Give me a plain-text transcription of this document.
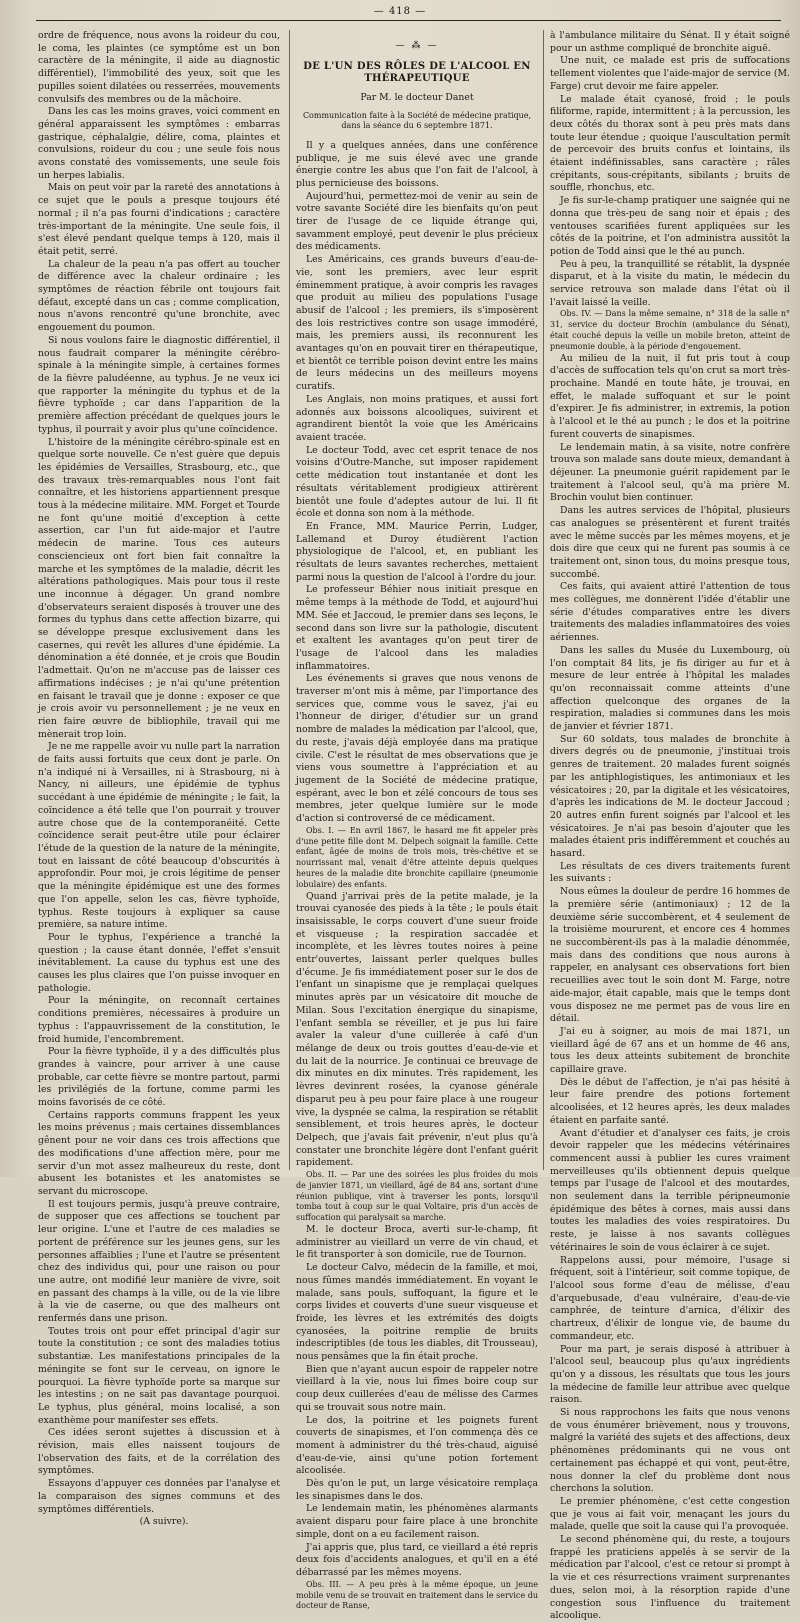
— 418 —

ordre de fréquence, nous avons la roideur du cou, le coma, les plaintes (ce symptôme est un bon caractère de la méningite, il aide au diagnostic différentiel), l'immobilité des yeux, soit que les pupilles soient dilatées ou resserrées, mouvements convulsifs des membres ou de la mâchoire.

Dans les cas les moins graves, voici comment en général apparaissent les symptômes : embarras gastrique, céphalalgie, délire, coma, plaintes et convulsions, roideur du cou ; une seule fois nous avons constaté des vomissements, une seule fois un herpes labialis.

Mais on peut voir par la rareté des annotations à ce sujet que le pouls a presque toujours été normal ; il n'a pas fourni d'indications ; caractère très-important de la méningite. Une seule fois, il s'est élevé pendant quelque temps à 120, mais il était petit, serré.

La chaleur de la peau n'a pas offert au toucher de différence avec la chaleur ordinaire ; les symptômes de réaction fébrile ont toujours fait défaut, excepté dans un cas ; comme complication, nous n'avons rencontré qu'une bronchite, avec engouement du poumon.

Si nous voulons faire le diagnostic différentiel, il nous faudrait comparer la méningite cérébro-spinale à la méningite simple, à certaines formes de la fièvre paludéenne, au typhus. Je ne veux ici que rapporter la méningite du typhus et de la fièvre typhoïde ; car dans l'apparition de la première affection précédant de quelques jours le typhus, il pourrait y avoir plus qu'une coïncidence.

L'histoire de la méningite cérébro-spinale est en quelque sorte nouvelle. Ce n'est guère que depuis les épidémies de Versailles, Strasbourg, etc., que des travaux très-remarquables nous l'ont fait connaître, et les historiens appartiennent presque tous à la médecine militaire. MM. Forget et Tourde ne font qu'une moitié d'exception à cette assertion, car l'un fut aide-major et l'autre médecin de marine. Tous ces auteurs consciencieux ont fort bien fait connaître la marche et les symptômes de la maladie, décrit les altérations pathologiques. Mais pour tous il reste une inconnue à dégager. Un grand nombre d'observateurs seraient disposés à trouver une des formes du typhus dans cette affection bizarre, qui se développe presque exclusivement dans les casernes, qui revêt les allures d'une épidémie. La dénomination a été donnée, et je crois que Boudin l'admettait. Qu'on ne m'accuse pas de laisser ces affirmations indécises ; je n'ai qu'une prétention en faisant le travail que je donne : exposer ce que je crois avoir vu personnellement ; je ne veux en rien faire œuvre de bibliophile, travail qui me mènerait trop loin.

Je ne me rappelle avoir vu nulle part la narration de faits aussi fortuits que ceux dont je parle. On n'a indiqué ni à Versailles, ni à Strasbourg, ni à Nancy, ni ailleurs, une épidémie de typhus succédant à une épidémie de méningite ; le fait, la coïncidence a été telle que l'on pourrait y trouver autre chose que de la contemporanéité. Cette coïncidence serait peut-être utile pour éclairer l'étude de la question de la nature de la méningite, tout en laissant de côté beaucoup d'obscurités à approfondir. Pour moi, je crois légitime de penser que la méningite épidémique est une des formes que l'on appelle, selon les cas, fièvre typhoïde, typhus. Reste toujours à expliquer sa cause première, sa nature intime.

Pour le typhus, l'expérience a tranché la question ; la cause étant donnée, l'effet s'ensuit inévitablement. La cause du typhus est une des causes les plus claires que l'on puisse invoquer en pathologie.

Pour la méningite, on reconnaît certaines conditions premières, nécessaires à produire un typhus : l'appauvrissement de la constitution, le froid humide, l'encombrement.

Pour la fièvre typhoïde, il y a des difficultés plus grandes à vaincre, pour arriver à une cause probable, car cette fièvre se montre partout, parmi les privilégiés de la fortune, comme parmi les moins favorisés de ce côté.

Certains rapports communs frappent les yeux les moins prévenus ; mais certaines dissemblances gênent pour ne voir dans ces trois affections que des modifications d'une affection mère, pour me servir d'un mot assez malheureux du reste, dont abusent les botanistes et les anatomistes se servant du microscope.

Il est toujours permis, jusqu'à preuve contraire, de supposer que ces affections se touchent par leur origine. L'une et l'autre de ces maladies se portent de préférence sur les jeunes gens, sur les personnes affaiblies ; l'une et l'autre se présentent chez des individus qui, pour une raison ou pour une autre, ont modifié leur manière de vivre, soit en passant des champs à la ville, ou de la vie libre à la vie de caserne, ou que des malheurs ont renfermés dans une prison.

Toutes trois ont pour effet principal d'agir sur toute la constitution ; ce sont des maladies totius substantiæ. Les manifestations principales de la méningite se font sur le cerveau, on ignore le pourquoi. La fièvre typhoïde porte sa marque sur les intestins ; on ne sait pas davantage pourquoi. Le typhus, plus général, moins localisé, a son exanthème pour manifester ses effets.

Ces idées seront sujettes à discussion et à révision, mais elles naissent toujours de l'observation des faits, et de la corrélation des symptômes.

Essayons d'appuyer ces données par l'analyse et la comparaison des signes communs et des symptômes différentiels.

(A suivre).

— ⁂ —
DE L'UN DES RÔLES DE L'ALCOOL EN THÉRAPEUTIQUE
Par M. le docteur Danet
Communication faite à la Société de médecine pratique, dans la séance du 6 septembre 1871.

Il y a quelques années, dans une conférence publique, je me suis élevé avec une grande énergie contre les abus que l'on fait de l'alcool, à plus pernicieuse des boissons.

Aujourd'hui, permettez-moi de venir au sein de votre savante Société dire les bienfaits qu'on peut tirer de l'usage de ce liquide étrange qui, savamment employé, peut devenir le plus précieux des médicaments.

Les Américains, ces grands buveurs d'eau-de-vie, sont les premiers, avec leur esprit éminemment pratique, à avoir compris les ravages que produit au milieu des populations l'usage abusif de l'alcool ; les premiers, ils s'imposèrent des lois restrictives contre son usage immodéré, mais, les premiers aussi, ils reconnurent les avantages qu'on en pouvait tirer en thérapeutique, et bientôt ce terrible poison devint entre les mains de leurs médecins un des meilleurs moyens curatifs.

Les Anglais, non moins pratiques, et aussi fort adonnés aux boissons alcooliques, suivirent et agrandirent bientôt la voie que les Américains avaient tracée.

Le docteur Todd, avec cet esprit tenace de nos voisins d'Outre-Manche, sut imposer rapidement cette médication tout instantanée et dont les résultats véritablement prodigieux attirèrent bientôt une foule d'adeptes autour de lui. Il fit école et donna son nom à la méthode.

En France, MM. Maurice Perrin, Ludger, Lallemand et Duroy étudièrent l'action physiologique de l'alcool, et, en publiant les résultats de leurs savantes recherches, mettaient parmi nous la question de l'alcool à l'ordre du jour.

Le professeur Béhier nous initiait presque en même temps à la méthode de Todd, et aujourd'hui MM. Sée et Jaccoud, le premier dans ses leçons, le second dans son livre sur la pathologie, discutent et exaltent les avantages qu'on peut tirer de l'usage de l'alcool dans les maladies inflammatoires.

Les événements si graves que nous venons de traverser m'ont mis à même, par l'importance des services que, comme vous le savez, j'ai eu l'honneur de diriger, d'étudier sur un grand nombre de malades la médication par l'alcool, que, du reste, j'avais déjà employée dans ma pratique civile. C'est le résultat de mes observations que je viens vous soumettre à l'appréciation et au jugement de la Société de médecine pratique, espérant, avec le bon et zélé concours de tous ses membres, jeter quelque lumière sur le mode d'action si controversé de ce médicament.

Obs. I. — En avril 1867, le hasard me fit appeler près d'une petite fille dont M. Delpech soignait la famille. Cette enfant, âgée de moins de trois mois, très-chétive et se nourrissant mal, venait d'être atteinte depuis quelques heures de la maladie dite bronchite capillaire (pneumonie lobulaire) des enfants.

Quand j'arrivai près de la petite malade, je la trouvai cyanosée des pieds à la tête ; le pouls était insaisissable, le corps couvert d'une sueur froide et visqueuse ; la respiration saccadée et incomplète, et les lèvres toutes noires à peine entr'ouvertes, laissant perler quelques bulles d'écume. Je fis immédiatement poser sur le dos de l'enfant un sinapisme que je remplaçai quelques minutes après par un vésicatoire dit mouche de Milan. Sous l'excitation énergique du sinapisme, l'enfant sembla se réveiller, et je pus lui faire avaler la valeur d'une cuillerée à café d'un mélange de deux ou trois gouttes d'eau-de-vie et du lait de la nourrice. Je continuai ce breuvage de dix minutes en dix minutes. Très rapidement, les lèvres devinrent rosées, la cyanose générale disparut peu à peu pour faire place à une rougeur vive, la dyspnée se calma, la respiration se rétablit sensiblement, et trois heures après, le docteur Delpech, que j'avais fait prévenir, n'eut plus qu'à constater une bronchite légère dont l'enfant guérit rapidement.

Obs. II. — Par une des soirées les plus froides du mois de janvier 1871, un vieillard, âgé de 84 ans, sortant d'une réunion publique, vint à traverser les ponts, lorsqu'il tomba tout à coup sur le quai Voltaire, pris d'un accès de suffocation qui paralysait sa marche.

M. le docteur Broca, averti sur-le-champ, fit administrer au vieillard un verre de vin chaud, et le fit transporter à son domicile, rue de Tournon.

Le docteur Calvo, médecin de la famille, et moi, nous fûmes mandés immédiatement. En voyant le malade, sans pouls, suffoquant, la figure et le corps livides et couverts d'une sueur visqueuse et froide, les lèvres et les extrémités des doigts cyanosées, la poitrine remplie de bruits indescriptibles (de tous les diables, dit Trousseau), nous pensâmes que la fin était proche.

Bien que n'ayant aucun espoir de rappeler notre vieillard à la vie, nous lui fîmes boire coup sur coup deux cuillerées d'eau de mélisse des Carmes qui se trouvait sous notre main.

Le dos, la poitrine et les poignets furent couverts de sinapismes, et l'on commença dès ce moment à administrer du thé très-chaud, aiguisé d'eau-de-vie, ainsi qu'une potion fortement alcoolisée.

Dès qu'on le put, un large vésicatoire remplaça les sinapismes dans le dos.

Le lendemain matin, les phénomènes alarmants avaient disparu pour faire place à une bronchite simple, dont on a eu facilement raison.

J'ai appris que, plus tard, ce vieillard a été repris deux fois d'accidents analogues, et qu'il en a été débarrassé par les mêmes moyens.

Obs. III. — A peu près à la même époque, un jeune mobile venu de se trouvait en traitement dans le service du docteur de Ranse,

à l'ambulance militaire du Sénat. Il y était soigné pour un asthme compliqué de bronchite aiguë.

Une nuit, ce malade est pris de suffocations tellement violentes que l'aide-major de service (M. Farge) crut devoir me faire appeler.

Le malade était cyanosé, froid ; le pouls filiforme, rapide, intermittent ; à la percussion, les deux côtés du thorax sont à peu près mats dans toute leur étendue ; quoique l'auscultation permît de percevoir des bruits confus et lointains, ils étaient indéfinissables, sans caractère ; râles crépitants, sous-crépitants, sibilants ; bruits de souffle, rhonchus, etc.

Je fis sur-le-champ pratiquer une saignée qui ne donna que très-peu de sang noir et épais ; des ventouses scarifiées furent appliquées sur les côtés de la poitrine, et l'on administra aussitôt la potion de Todd ainsi que le thé au punch.

Peu à peu, la tranquillité se rétablit, la dyspnée disparut, et à la visite du matin, le médecin du service retrouva son malade dans l'état où il l'avait laissé la veille.

Obs. IV. — Dans la même semaine, n° 318 de la salle n° 31, service du docteur Brochin (ambulance du Sénat), était couché depuis la veille un mobile breton, atteint de pneumonie double, à la période d'engouement.

Au milieu de la nuit, il fut pris tout à coup d'accès de suffocation tels qu'on crut sa mort très-prochaine. Mandé en toute hâte, je trouvai, en effet, le malade suffoquant et sur le point d'expirer. Je fis administrer, in extremis, la potion à l'alcool et le thé au punch ; le dos et la poitrine furent couverts de sinapismes.

Le lendemain matin, à sa visite, notre confrère trouva son malade sans doute mieux, demandant à déjeuner. La pneumonie guérit rapidement par le traitement à l'alcool seul, qu'à ma prière M. Brochin voulut bien continuer.

Dans les autres services de l'hôpital, plusieurs cas analogues se présentèrent et furent traités avec le même succès par les mêmes moyens, et je dois dire que ceux qui ne furent pas soumis à ce traitement ont, sinon tous, du moins presque tous, succombé.

Ces faits, qui avaient attiré l'attention de tous mes collègues, me donnèrent l'idée d'établir une série d'études comparatives entre les divers traitements des maladies inflammatoires des voies aériennes.

Dans les salles du Musée du Luxembourg, où l'on comptait 84 lits, je fis diriger au fur et à mesure de leur entrée à l'hôpital les malades qu'on reconnaissait comme atteints d'une affection quelconque des organes de la respiration, maladies si communes dans les mois de janvier et février 1871.

Sur 60 soldats, tous malades de bronchite à divers degrés ou de pneumonie, j'instituai trois genres de traitement. 20 malades furent soignés par les antiphlogistiques, les antimoniaux et les vésicatoires ; 20, par la digitale et les vésicatoires, d'après les indications de M. le docteur Jaccoud ; 20 autres enfin furent soignés par l'alcool et les vésicatoires. Je n'ai pas besoin d'ajouter que les malades étaient pris indifféremment et couchés au hasard.

Les résultats de ces divers traitements furent les suivants :

Nous eûmes la douleur de perdre 16 hommes de la première série (antimoniaux) ; 12 de la deuxième série succombèrent, et 4 seulement de la troisième moururent, et encore ces 4 hommes ne succombèrent-ils pas à la maladie dénommée, mais dans des conditions que nous aurons à rappeler, en analysant ces observations fort bien recueillies avec tout le soin dont M. Farge, notre aide-major, était capable, mais que le temps dont vous disposez ne me permet pas de vous lire en détail.

J'ai eu à soigner, au mois de mai 1871, un vieillard âgé de 67 ans et un homme de 46 ans, tous les deux atteints subitement de bronchite capillaire grave.

Dès le début de l'affection, je n'ai pas hésité à leur faire prendre des potions fortement alcoolisées, et 12 heures après, les deux malades étaient en parfaite santé.

Avant d'étudier et d'analyser ces faits, je crois devoir rappeler que les médecins vétérinaires commencent aussi à publier les cures vraiment merveilleuses qu'ils obtiennent depuis quelque temps par l'usage de l'alcool et des moutardes, non seulement dans la terrible péripneumonie épidémique des bêtes à cornes, mais aussi dans toutes les maladies des voies respiratoires. Du reste, je laisse à nos savants collègues vétérinaires le soin de vous éclairer à ce sujet.

Rappelons aussi, pour mémoire, l'usage si fréquent, soit à l'intérieur, soit comme topique, de l'alcool sous forme d'eau de mélisse, d'eau d'arquebusade, d'eau vulnéraire, d'eau-de-vie camphrée, de teinture d'arnica, d'élixir des chartreux, d'élixir de longue vie, de baume du commandeur, etc.

Pour ma part, je serais disposé à attribuer à l'alcool seul, beaucoup plus qu'aux ingrédients qu'on y a dissous, les résultats que tous les jours la médecine de famille leur attribue avec quelque raison.

Si nous rapprochons les faits que nous venons de vous énumérer brièvement, nous y trouvons, malgré la variété des sujets et des affections, deux phénomènes prédominants qui ne vous ont certainement pas échappé et qui vont, peut-être, nous donner la clef du problème dont nous cherchons la solution.

Le premier phénomène, c'est cette congestion que je vous ai fait voir, menaçant les jours du malade, quelle que soit la cause qui l'a provoquée.

Le second phénomène qui, du reste, a toujours frappé les praticiens appelés à se servir de la médication par l'alcool, c'est ce retour si prompt à la vie et ces résurrections vraiment surprenantes dues, selon moi, à la résorption rapide d'une congestion sous l'influence du traitement alcoolique.
